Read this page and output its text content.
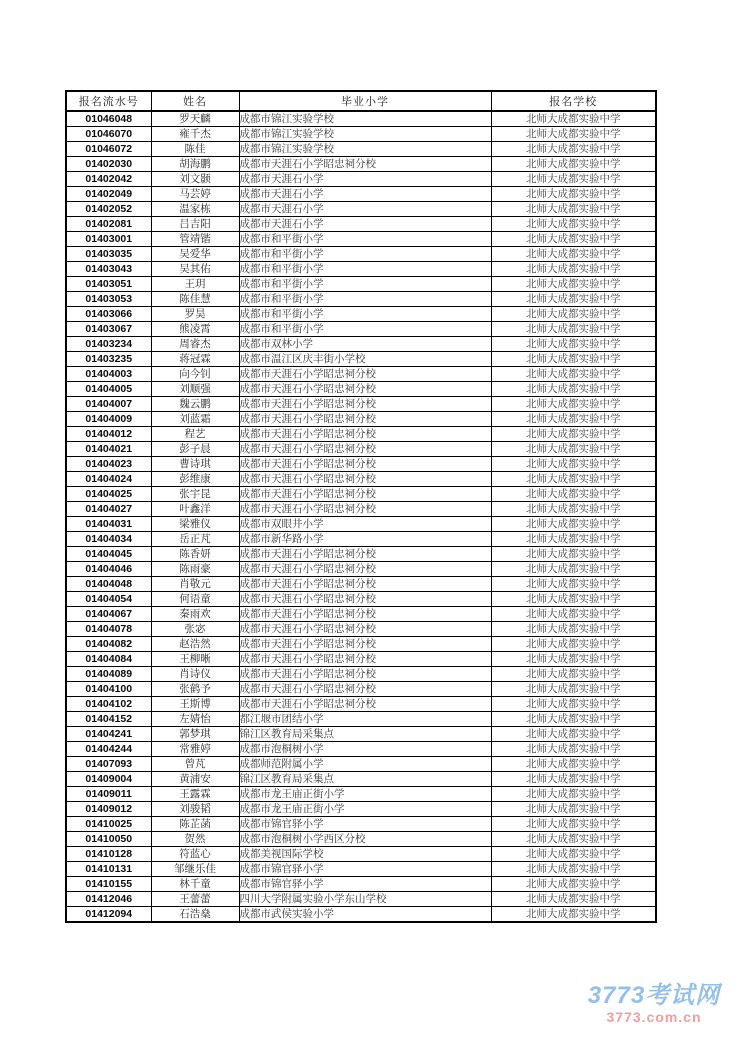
报名流水号	姓名	毕业小学	报名学校
01046048	罗天麟	成都市锦江实验学校	北师大成都实验中学
01046070	雍千杰	成都市锦江实验学校	北师大成都实验中学
01046072	陈佳	成都市锦江实验学校	北师大成都实验中学
01402030	胡海鹏	成都市天涯石小学昭忠祠分校	北师大成都实验中学
01402042	刘文颢	成都市天涯石小学	北师大成都实验中学
01402049	马芸婷	成都市天涯石小学	北师大成都实验中学
01402052	温家栋	成都市天涯石小学	北师大成都实验中学
01402081	吕吉阳	成都市天涯石小学	北师大成都实验中学
01403001	管靖锴	成都市和平街小学	北师大成都实验中学
01403035	吴爱华	成都市和平街小学	北师大成都实验中学
01403043	吴其佑	成都市和平街小学	北师大成都实验中学
01403051	王玥	成都市和平街小学	北师大成都实验中学
01403053	陈佳慧	成都市和平街小学	北师大成都实验中学
01403066	罗昊	成都市和平街小学	北师大成都实验中学
01403067	熊凌霄	成都市和平街小学	北师大成都实验中学
01403234	周睿杰	成都市双林小学	北师大成都实验中学
01403235	蒋冠霖	成都市温江区庆丰街小学校	北师大成都实验中学
01404003	向今钊	成都市天涯石小学昭忠祠分校	北师大成都实验中学
01404005	刘顺强	成都市天涯石小学昭忠祠分校	北师大成都实验中学
01404007	魏云鹏	成都市天涯石小学昭忠祠分校	北师大成都实验中学
01404009	刘蓝霜	成都市天涯石小学昭忠祠分校	北师大成都实验中学
01404012	程艺	成都市天涯石小学昭忠祠分校	北师大成都实验中学
01404021	彭子晨	成都市天涯石小学昭忠祠分校	北师大成都实验中学
01404023	曹诗琪	成都市天涯石小学昭忠祠分校	北师大成都实验中学
01404024	彭维康	成都市天涯石小学昭忠祠分校	北师大成都实验中学
01404025	张宇昆	成都市天涯石小学昭忠祠分校	北师大成都实验中学
01404027	叶鑫洋	成都市天涯石小学昭忠祠分校	北师大成都实验中学
01404031	梁雅仪	成都市双眼井小学	北师大成都实验中学
01404034	岳正芃	成都市新华路小学	北师大成都实验中学
01404045	陈香妍	成都市天涯石小学昭忠祠分校	北师大成都实验中学
01404046	陈雨豪	成都市天涯石小学昭忠祠分校	北师大成都实验中学
01404048	肖敬元	成都市天涯石小学昭忠祠分校	北师大成都实验中学
01404054	何语童	成都市天涯石小学昭忠祠分校	北师大成都实验中学
01404067	秦雨欢	成都市天涯石小学昭忠祠分校	北师大成都实验中学
01404078	张宓	成都市天涯石小学昭忠祠分校	北师大成都实验中学
01404082	赵浩然	成都市天涯石小学昭忠祠分校	北师大成都实验中学
01404084	王柳晰	成都市天涯石小学昭忠祠分校	北师大成都实验中学
01404089	肖诗仪	成都市天涯石小学昭忠祠分校	北师大成都实验中学
01404100	张鹤予	成都市天涯石小学昭忠祠分校	北师大成都实验中学
01404102	王斯博	成都市天涯石小学昭忠祠分校	北师大成都实验中学
01404152	左婧怡	都江堰市团结小学	北师大成都实验中学
01404241	郭梦琪	锦江区教育局采集点	北师大成都实验中学
01404244	常雅婷	成都市泡桐树小学	北师大成都实验中学
01407093	曾芃	成都师范附属小学	北师大成都实验中学
01409004	黄浦安	锦江区教育局采集点	北师大成都实验中学
01409011	王露霖	成都市龙王庙正街小学	北师大成都实验中学
01409012	刘骏韬	成都市龙王庙正街小学	北师大成都实验中学
01410025	陈芷菡	成都市锦官驿小学	北师大成都实验中学
01410050	贺然	成都市泡桐树小学西区分校	北师大成都实验中学
01410128	符蓝心	成都美视国际学校	北师大成都实验中学
01410131	邹继乐佳	成都市锦官驿小学	北师大成都实验中学
01410155	林千童	成都市锦官驿小学	北师大成都实验中学
01412046	王蕾蕾	四川大学附属实验小学东山学校	北师大成都实验中学
01412094	石浩燊	成都市武侯实验小学	北师大成都实验中学
3773考试网
3773.com.cn
